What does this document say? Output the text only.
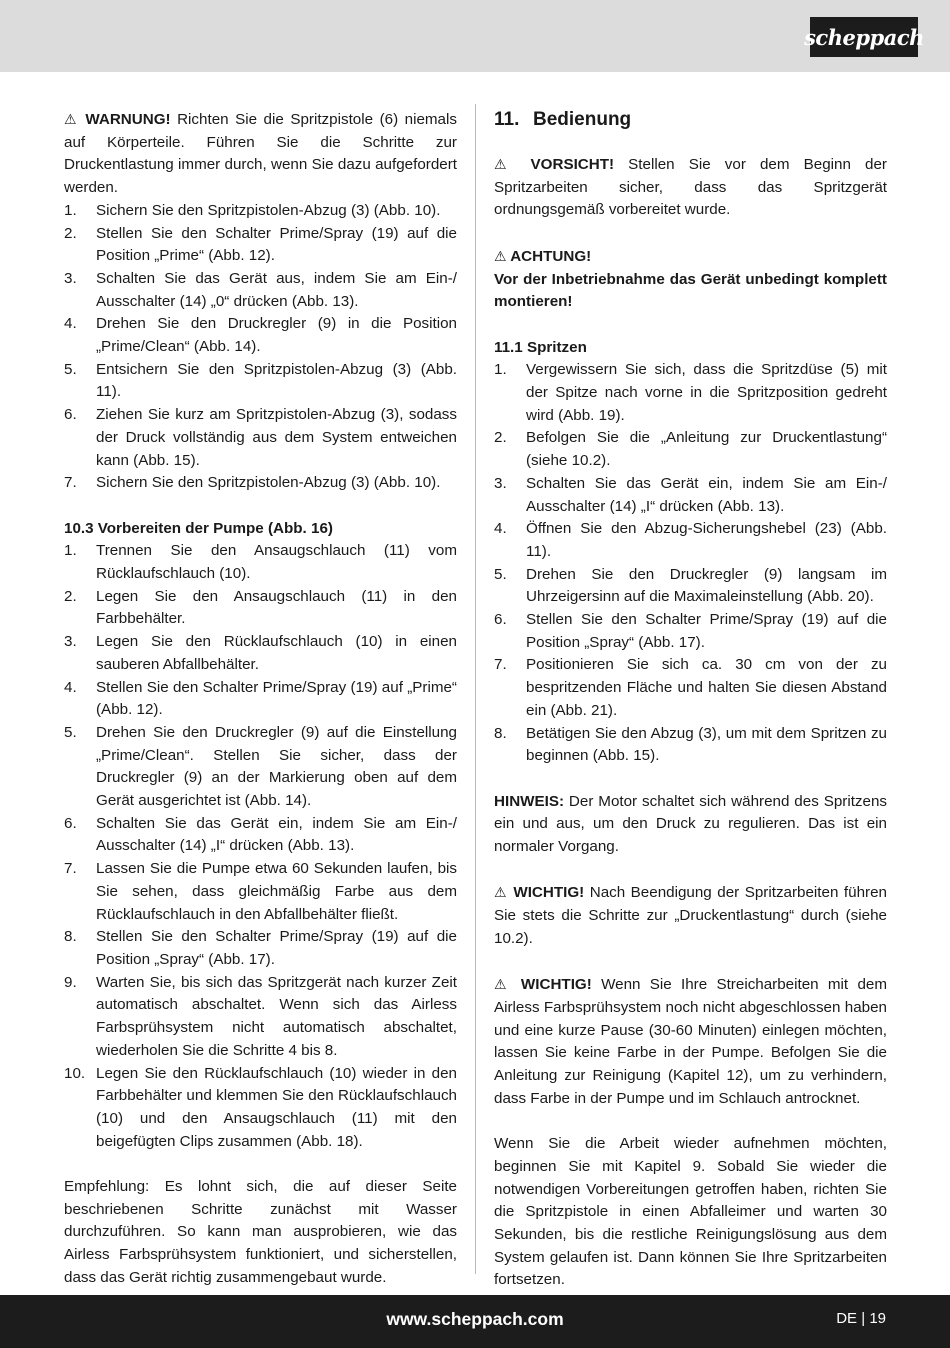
scheppach

⚠ WARNUNG! Richten Sie die Spritzpistole (6) niemals auf Körperteile. Führen Sie die Schritte zur Druckentlastung immer durch, wenn Sie dazu aufgefordert werden.

1.	Sichern Sie den Spritzpistolen-Abzug (3) (Abb. 10).
2.	Stellen Sie den Schalter Prime/Spray (19) auf die Position „Prime“ (Abb. 12).
3.	Schalten Sie das Gerät aus, indem Sie am Ein-/ Ausschalter (14) „0“ drücken (Abb. 13).
4.	Drehen Sie den Druckregler (9) in die Position „Prime/Clean“ (Abb. 14).
5.	Entsichern Sie den Spritzpistolen-Abzug (3) (Abb. 11).
6.	Ziehen Sie kurz am Spritzpistolen-Abzug (3), sodass der Druck vollständig aus dem System entweichen kann (Abb. 15).
7.	Sichern Sie den Spritzpistolen-Abzug (3) (Abb. 10).

10.3 Vorbereiten der Pumpe (Abb. 16)

1.	Trennen Sie den Ansaugschlauch (11) vom Rücklaufschlauch (10).
2.	Legen Sie den Ansaugschlauch (11) in den Farbbehälter.
3.	Legen Sie den Rücklaufschlauch (10) in einen sauberen Abfallbehälter.
4.	Stellen Sie den Schalter Prime/Spray (19) auf „Prime“ (Abb. 12).
5.	Drehen Sie den Druckregler (9) auf die Einstellung „Prime/Clean“. Stellen Sie sicher, dass der Druckregler (9) an der Markierung oben auf dem Gerät ausgerichtet ist (Abb. 14).
6.	Schalten Sie das Gerät ein, indem Sie am Ein-/ Ausschalter (14) „I“ drücken (Abb. 13).
7.	Lassen Sie die Pumpe etwa 60 Sekunden laufen, bis Sie sehen, dass gleichmäßig Farbe aus dem Rücklaufschlauch in den Abfallbehälter fließt.
8.	Stellen Sie den Schalter Prime/Spray (19) auf die Position „Spray“ (Abb. 17).
9.	Warten Sie, bis sich das Spritzgerät nach kurzer Zeit automatisch abschaltet. Wenn sich das Airless Farbsprühsystem nicht automatisch abschaltet, wiederholen Sie die Schritte 4 bis 8.
10. Legen Sie den Rücklaufschlauch (10) wieder in den Farbbehälter und klemmen Sie den Rücklaufschlauch (10) und den Ansaugschlauch (11) mit den beigefügten Clips zusammen (Abb. 18).

Empfehlung: Es lohnt sich, die auf dieser Seite beschriebenen Schritte zunächst mit Wasser durchzuführen. So kann man ausprobieren, wie das Airless Farbsprühsystem funktioniert, und sicherstellen, dass das Gerät richtig zusammengebaut wurde.

11. Bedienung

⚠ VORSICHT! Stellen Sie vor dem Beginn der Spritzarbeiten sicher, dass das Spritzgerät ordnungsgemäß vorbereitet wurde.

⚠ ACHTUNG!

Vor der Inbetriebnahme das Gerät unbedingt komplett montieren!

11.1 Spritzen

1.	Vergewissern Sie sich, dass die Spritzdüse (5) mit der Spitze nach vorne in die Spritzposition gedreht wird (Abb. 19).
2.	Befolgen Sie die „Anleitung zur Druckentlastung“ (siehe 10.2).
3.	Schalten Sie das Gerät ein, indem Sie am Ein-/ Ausschalter (14) „I“ drücken (Abb. 13).
4.	Öffnen Sie den Abzug-Sicherungshebel (23) (Abb. 11).
5.	Drehen Sie den Druckregler (9) langsam im Uhrzeigersinn auf die Maximaleinstellung (Abb. 20).
6.	Stellen Sie den Schalter Prime/Spray (19) auf die Position „Spray“ (Abb. 17).
7.	Positionieren Sie sich ca. 30 cm von der zu bespritzenden Fläche und halten Sie diesen Abstand ein (Abb. 21).
8.	Betätigen Sie den Abzug (3), um mit dem Spritzen zu beginnen (Abb. 15).

HINWEIS: Der Motor schaltet sich während des Spritzens ein und aus, um den Druck zu regulieren. Das ist ein normaler Vorgang.

⚠ WICHTIG! Nach Beendigung der Spritzarbeiten führen Sie stets die Schritte zur „Druckentlastung“ durch (siehe 10.2).

⚠ WICHTIG! Wenn Sie Ihre Streicharbeiten mit dem Airless Farbsprühsystem noch nicht abgeschlossen haben und eine kurze Pause (30-60 Minuten) einlegen möchten, lassen Sie keine Farbe in der Pumpe. Befolgen Sie die Anleitung zur Reinigung (Kapitel 12), um zu verhindern, dass Farbe in der Pumpe und im Schlauch antrocknet.

Wenn Sie die Arbeit wieder aufnehmen möchten, beginnen Sie mit Kapitel 9. Sobald Sie wieder die notwendigen Vorbereitungen getroffen haben, richten Sie die Spritzpistole in einen Abfalleimer und warten 30 Sekunden, bis die restliche Reinigungslösung aus dem System gelaufen ist. Dann können Sie Ihre Spritzarbeiten fortsetzen.

www.scheppach.com	DE | 19
